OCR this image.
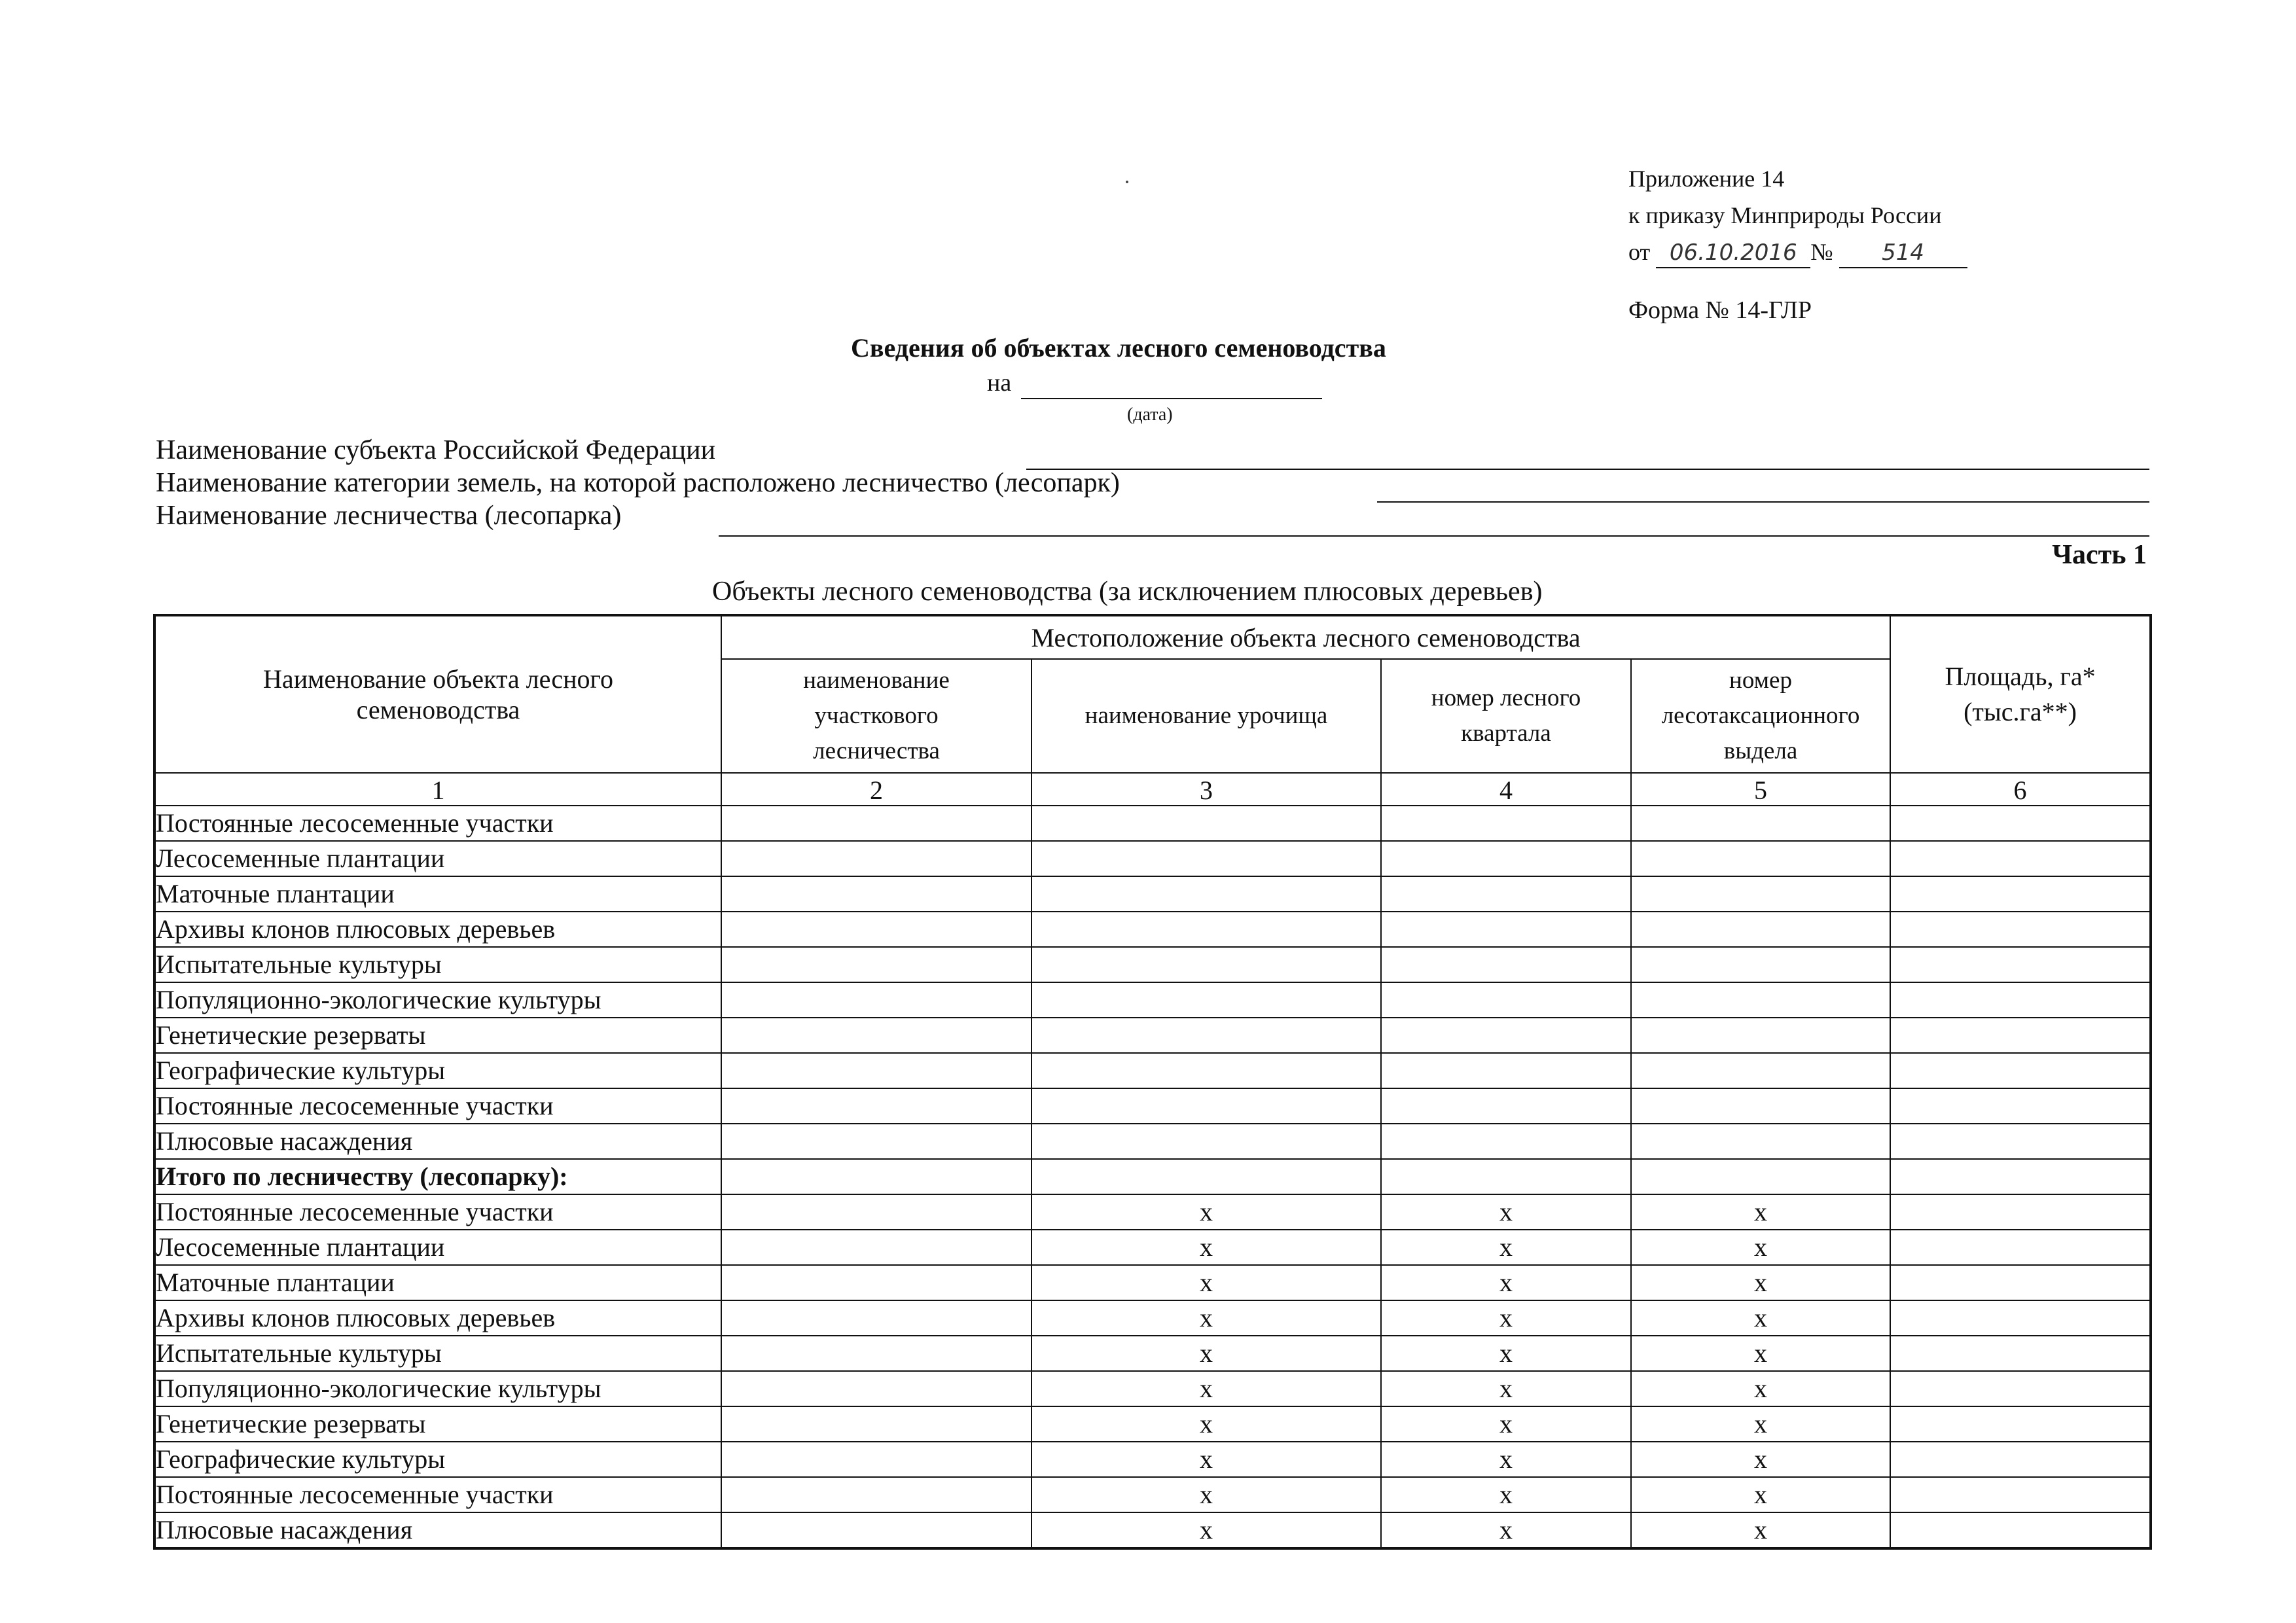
Приложение 14
к приказу Минприроды России
от 06.10.2016 № 514
Форма № 14-ГЛР
Сведения об объектах лесного семеноводства
на
(дата)
Наименование субъекта Российской Федерации
Наименование категории земель, на которой расположено лесничество (лесопарк)
Наименование лесничества (лесопарка)
Часть 1
Объекты лесного семеноводства (за исключением плюсовых деревьев)
Наименование объекта лесного семеноводства	Местоположение объекта лесного семеноводства				Площадь, га*(тыс.га**)
	наименование участкового лесничества	наименование урочища	номер лесного квартала	номер лесотаксационного выдела	
1	2	3	4	5	6
Постоянные лесосеменные участки					
Лесосеменные плантации					
Маточные плантации					
Архивы клонов плюсовых деревьев					
Испытательные культуры					
Популяционно-экологические культуры					
Генетические резерваты					
Географические культуры					
Постоянные лесосеменные участки					
Плюсовые насаждения					
Итого по лесничеству (лесопарку):					
Постоянные лесосеменные участки		x	x	x	
Лесосеменные плантации		x	x	x	
Маточные плантации		x	x	x	
Архивы клонов плюсовых деревьев		x	x	x	
Испытательные культуры		x	x	x	
Популяционно-экологические культуры		x	x	x	
Генетические резерваты		x	x	x	
Географические культуры		x	x	x	
Постоянные лесосеменные участки		x	x	x	
Плюсовые насаждения		x	x	x	
